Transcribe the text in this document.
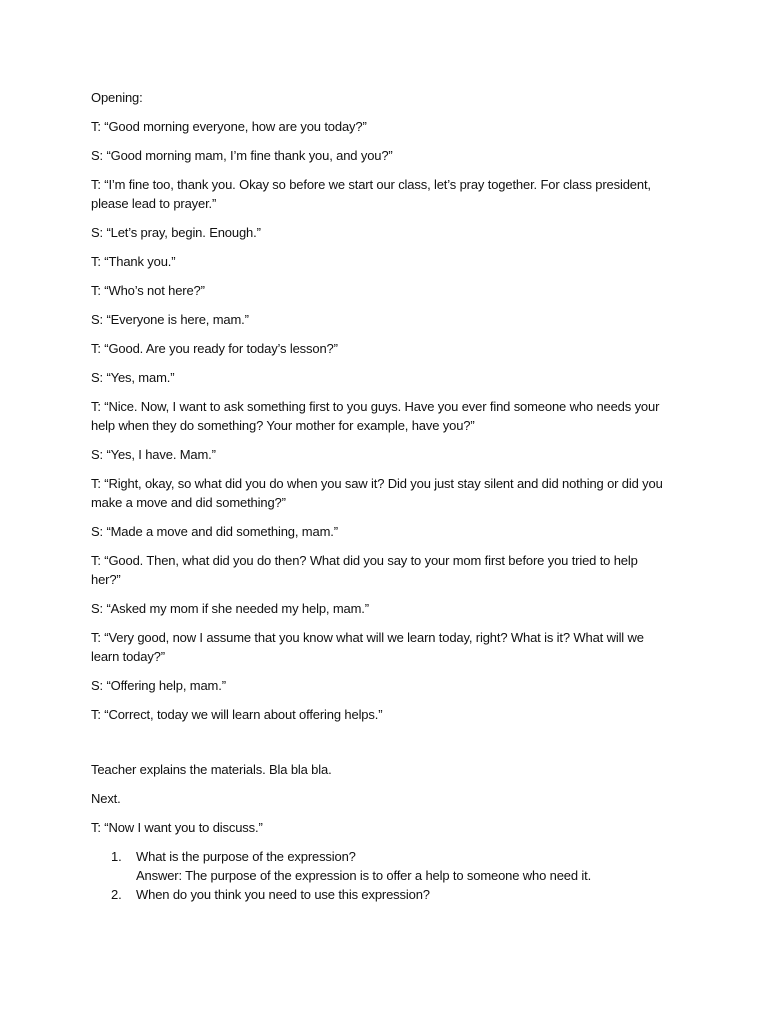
Opening:

T: “Good morning everyone, how are you today?”

S: “Good morning mam, I’m fine thank you, and you?”

T: “I’m fine too, thank you. Okay so before we start our class, let’s pray together. For class president, please lead to prayer.”

S: “Let’s pray, begin. Enough.”

T: “Thank you.”

T: “Who’s not here?”

S: “Everyone is here, mam.”

T: “Good. Are you ready for today’s lesson?”

S: “Yes, mam.”

T: “Nice. Now, I want to ask something first to you guys. Have you ever find someone who needs your help when they do something? Your mother for example, have you?”

S: “Yes, I have. Mam.”

T: “Right, okay, so what did you do when you saw it? Did you just stay silent and did nothing or did you make a move and did something?”

S: “Made a move and did something, mam.”

T: “Good. Then, what did you do then? What did you say to your mom first before you tried to help her?”

S: “Asked my mom if she needed my help, mam.”

T: “Very good, now I assume that you know what will we learn today, right? What is it? What will we learn today?”

S: “Offering help, mam.”

T: “Correct, today we will learn about offering helps.”

Teacher explains the materials. Bla bla bla.

Next.

T: “Now I want you to discuss.”

1.	What is the purpose of the expression?
Answer: The purpose of the expression is to offer a help to someone who need it.
2.	When do you think you need to use this expression?
